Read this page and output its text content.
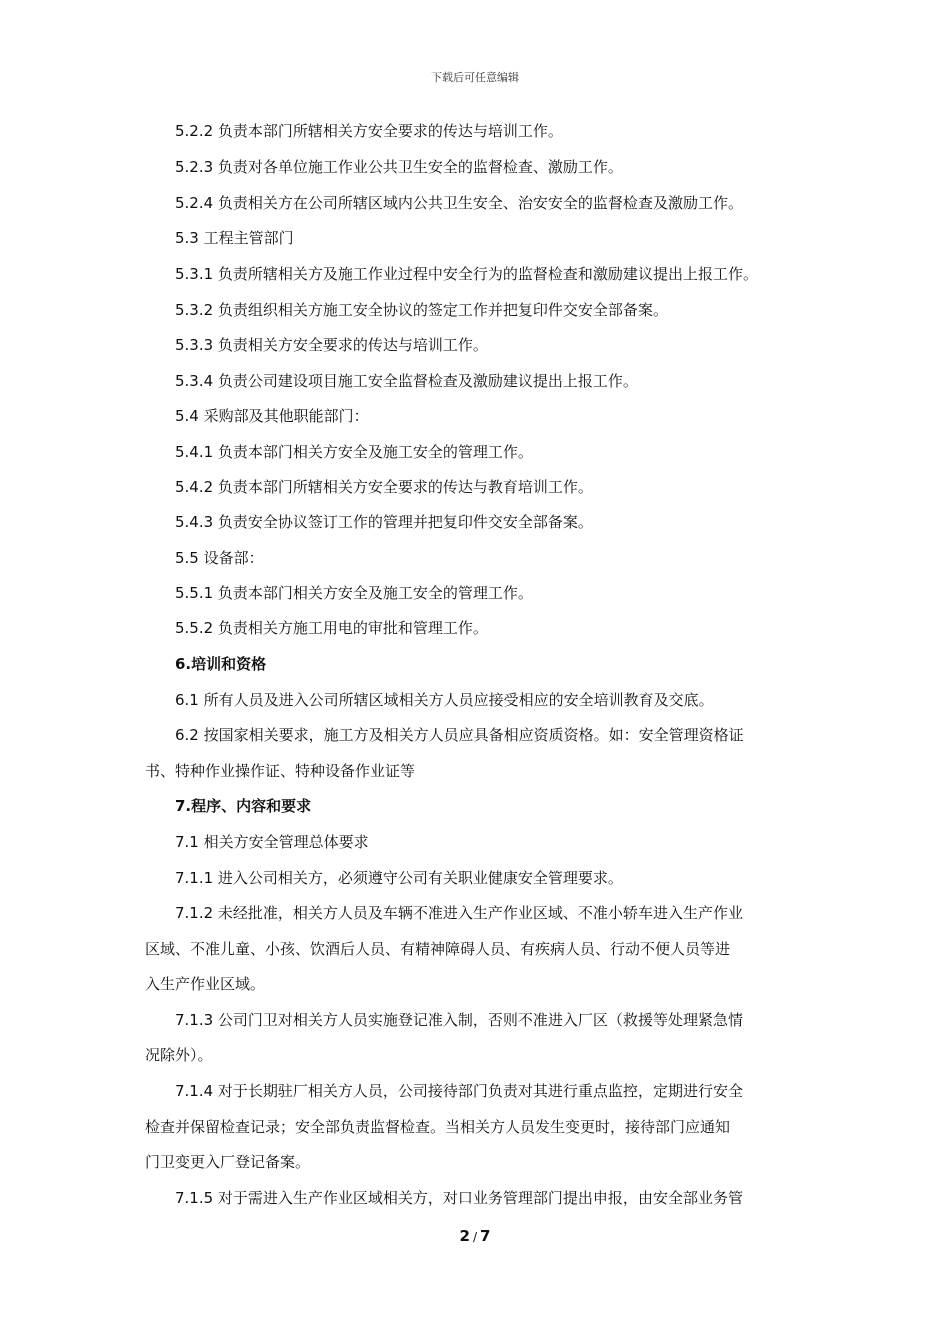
下载后可任意编辑
5.2.2 负责本部门所辖相关方安全要求的传达与培训工作。
5.2.3 负责对各单位施工作业公共卫生安全的监督检查、激励工作。
5.2.4 负责相关方在公司所辖区域内公共卫生安全、治安安全的监督检查及激励工作。
5.3 工程主管部门
5.3.1 负责所辖相关方及施工作业过程中安全行为的监督检查和激励建议提出上报工作。
5.3.2 负责组织相关方施工安全协议的签定工作并把复印件交安全部备案。
5.3.3 负责相关方安全要求的传达与培训工作。
5.3.4 负责公司建设项目施工安全监督检查及激励建议提出上报工作。
5.4 采购部及其他职能部门：
5.4.1 负责本部门相关方安全及施工安全的管理工作。
5.4.2 负责本部门所辖相关方安全要求的传达与教育培训工作。
5.4.3 负责安全协议签订工作的管理并把复印件交安全部备案。
5.5 设备部：
5.5.1 负责本部门相关方安全及施工安全的管理工作。
5.5.2 负责相关方施工用电的审批和管理工作。
6.培训和资格
6.1 所有人员及进入公司所辖区域相关方人员应接受相应的安全培训教育及交底。
6.2 按国家相关要求，施工方及相关方人员应具备相应资质资格。如：安全管理资格证
书、特种作业操作证、特种设备作业证等
7.程序、内容和要求
7.1 相关方安全管理总体要求
7.1.1 进入公司相关方，必须遵守公司有关职业健康安全管理要求。
7.1.2 未经批准，相关方人员及车辆不准进入生产作业区域、不准小轿车进入生产作业
区域、不准儿童、小孩、饮酒后人员、有精神障碍人员、有疾病人员、行动不便人员等进
入生产作业区域。
7.1.3 公司门卫对相关方人员实施登记准入制，否则不准进入厂区（救援等处理紧急情
况除外）。
7.1.4 对于长期驻厂相关方人员，公司接待部门负责对其进行重点监控，定期进行安全
检查并保留检查记录；安全部负责监督检查。当相关方人员发生变更时，接待部门应通知
门卫变更入厂登记备案。
7.1.5 对于需进入生产作业区域相关方，对口业务管理部门提出申报，由安全部业务管
2 / 7
